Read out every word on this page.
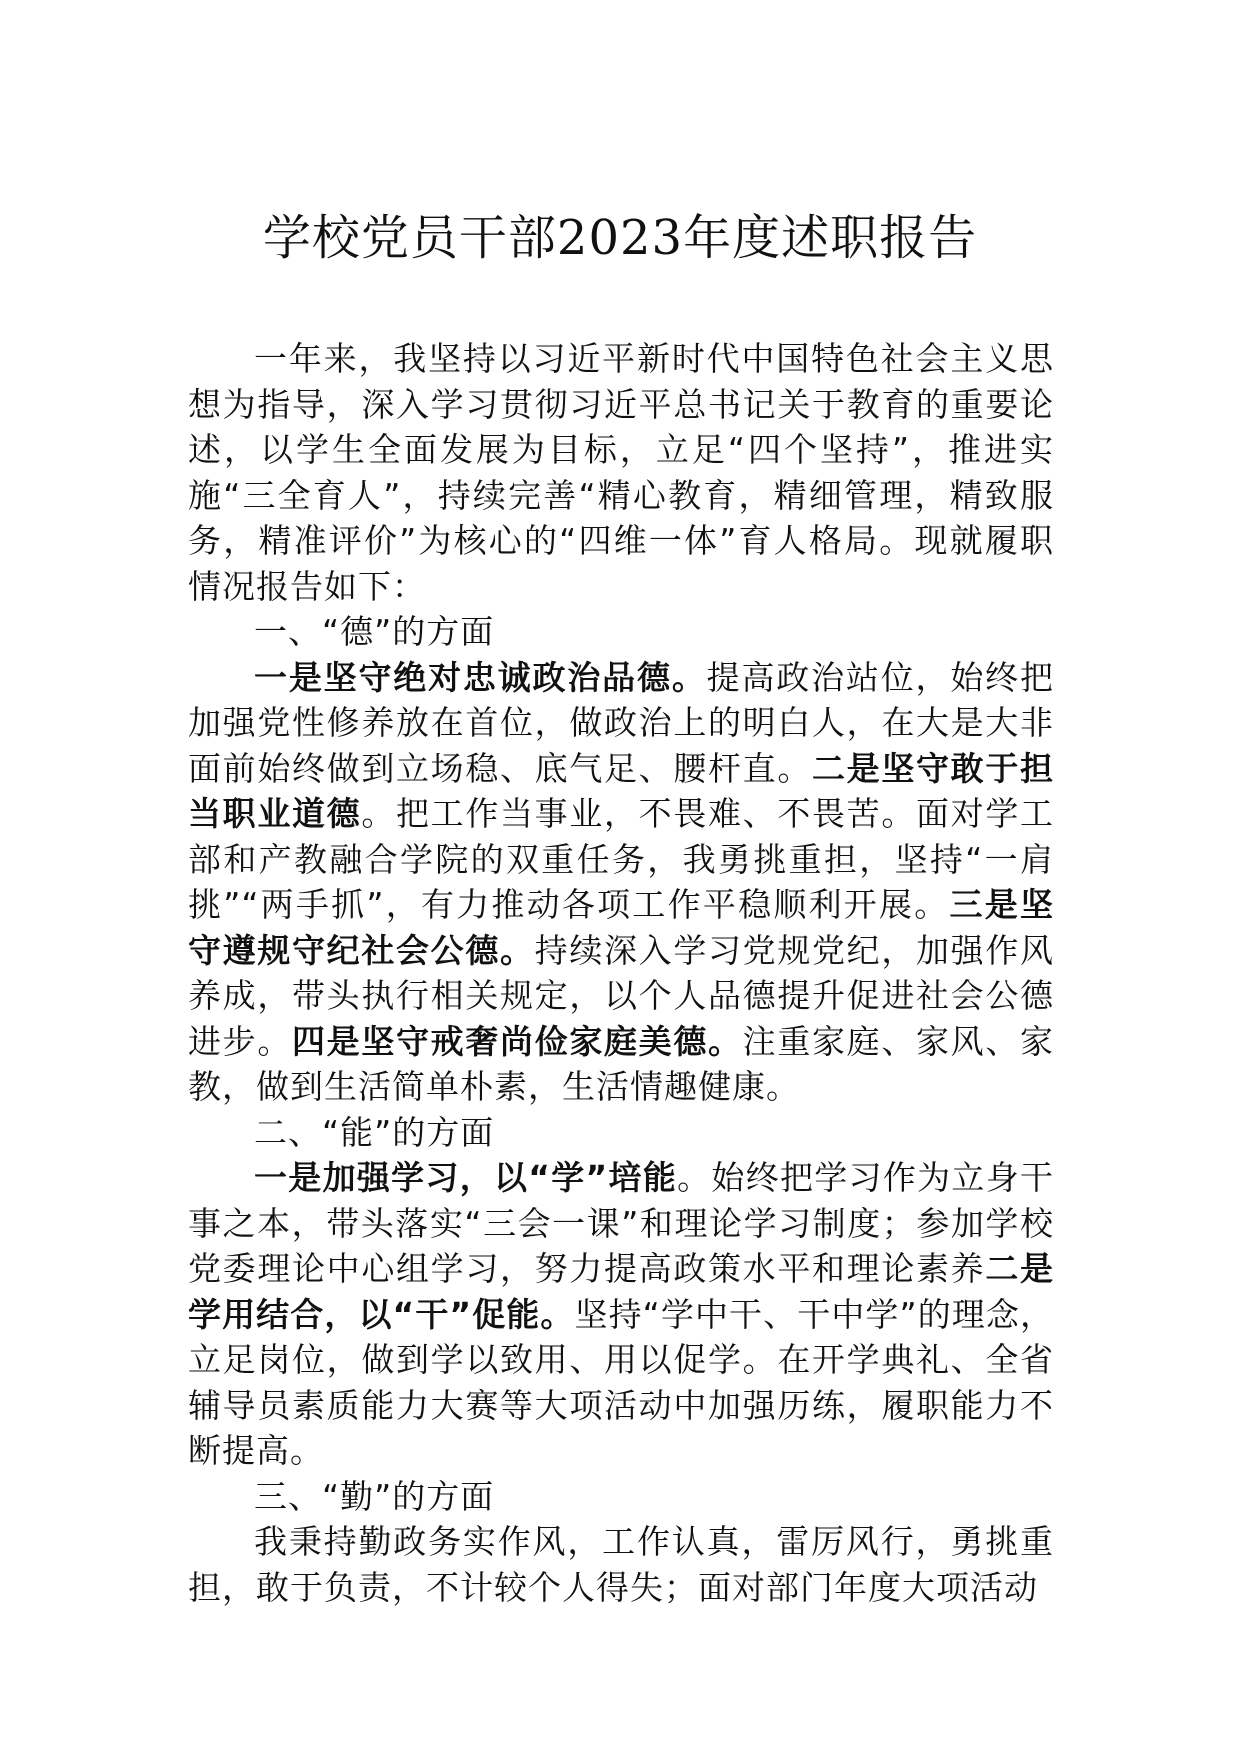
学校党员干部2023年度述职报告

一年来，我坚持以习近平新时代中国特色社会主义思想为指导，深入学习贯彻习近平总书记关于教育的重要论述，以学生全面发展为目标，立足“四个坚持”，推进实施“三全育人”，持续完善“精心教育，精细管理，精致服务，精准评价”为核心的“四维一体”育人格局。现就履职情况报告如下：

一、“德”的方面

一是坚守绝对忠诚政治品德。提高政治站位，始终把加强党性修养放在首位，做政治上的明白人，在大是大非面前始终做到立场稳、底气足、腰杆直。二是坚守敢于担当职业道德。把工作当事业，不畏难、不畏苦。面对学工部和产教融合学院的双重任务，我勇挑重担，坚持“一肩挑”“两手抓”，有力推动各项工作平稳顺利开展。三是坚守遵规守纪社会公德。持续深入学习党规党纪，加强作风养成，带头执行相关规定，以个人品德提升促进社会公德进步。四是坚守戒奢尚俭家庭美德。注重家庭、家风、家教，做到生活简单朴素，生活情趣健康。

二、“能”的方面

一是加强学习，以“学”培能。始终把学习作为立身干事之本，带头落实“三会一课”和理论学习制度；参加学校党委理论中心组学习，努力提高政策水平和理论素养二是学用结合，以“干”促能。坚持“学中干、干中学”的理念，立足岗位，做到学以致用、用以促学。在开学典礼、全省辅导员素质能力大赛等大项活动中加强历练，履职能力不断提高。

三、“勤”的方面

我秉持勤政务实作风，工作认真，雷厉风行，勇挑重担，敢于负责，不计较个人得失；面对部门年度大项活动
